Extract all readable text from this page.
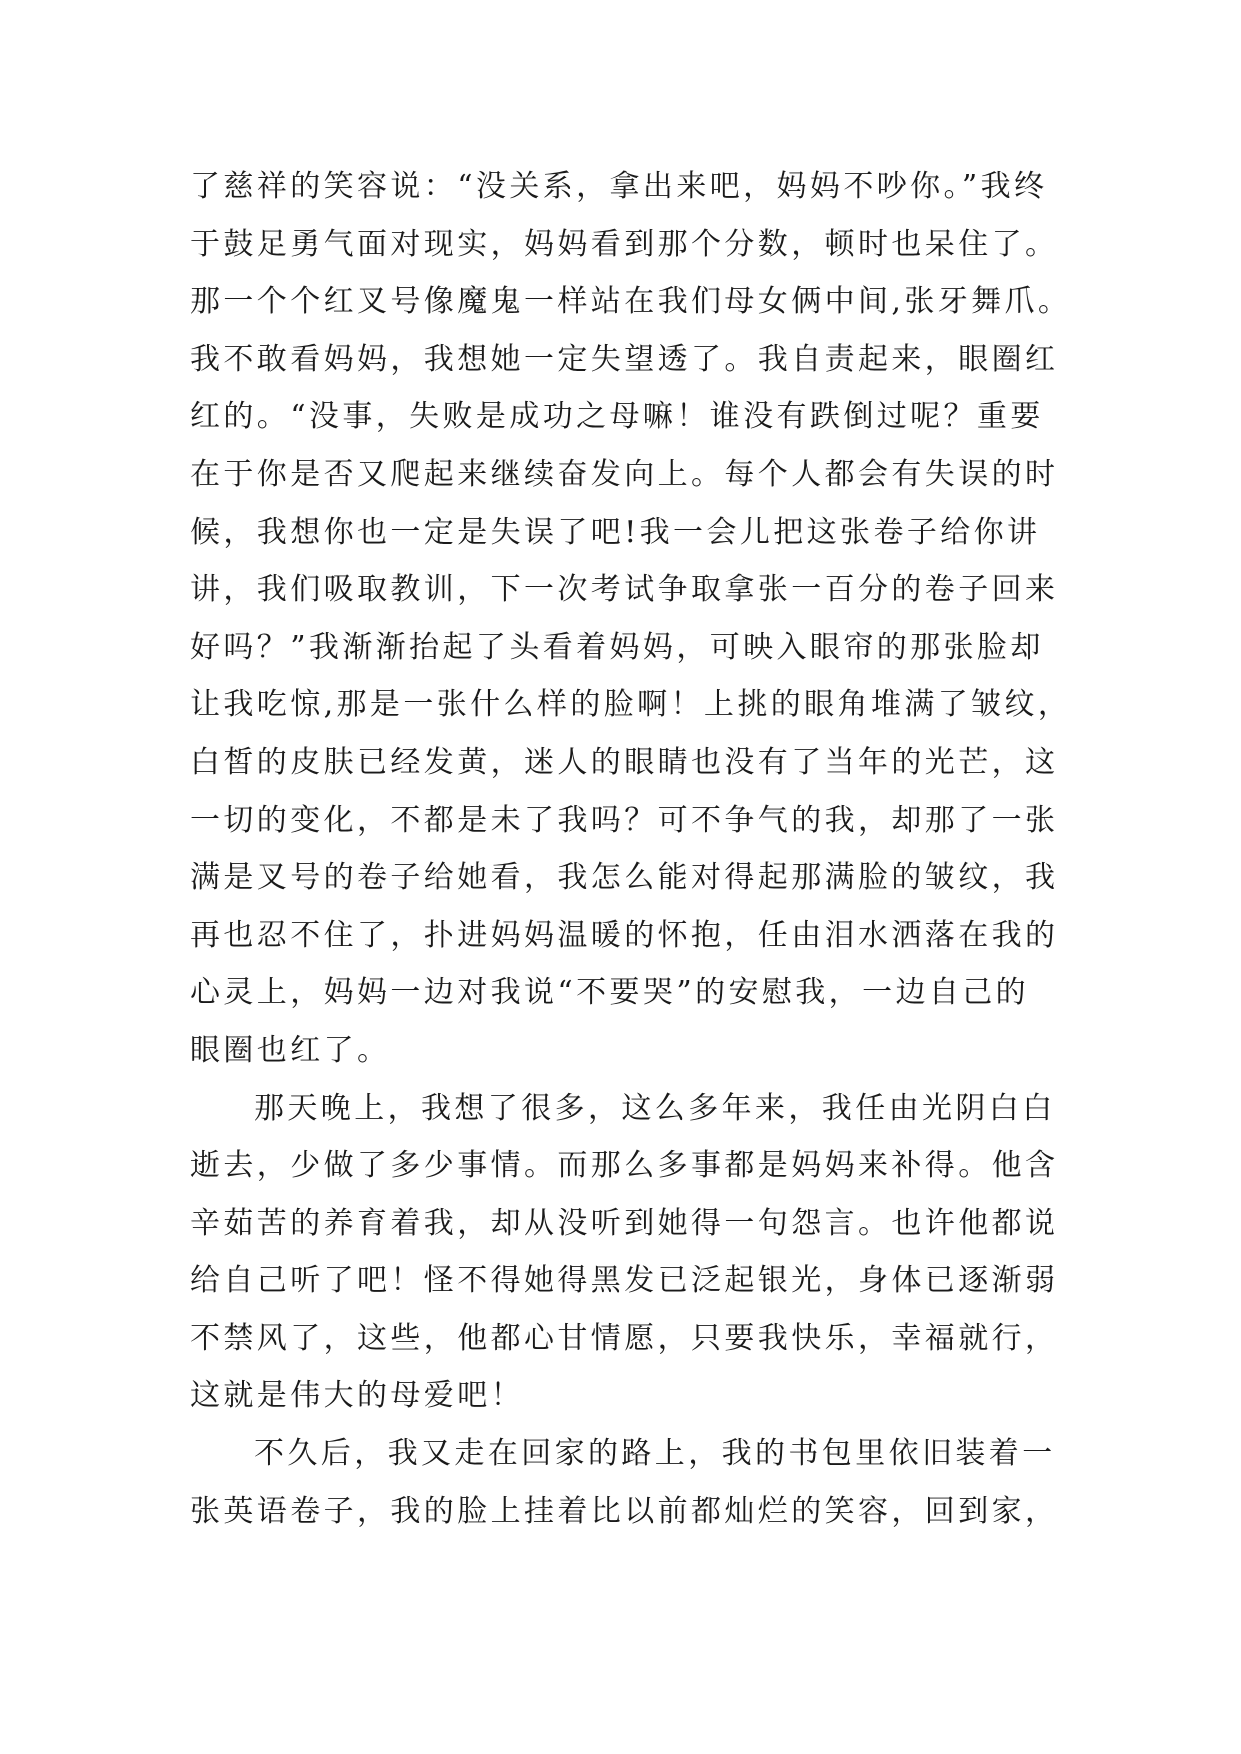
了慈祥的笑容说：“没关系，拿出来吧，妈妈不吵你。”我终
于鼓足勇气面对现实，妈妈看到那个分数，顿时也呆住了。
那一个个红叉号像魔鬼一样站在我们母女俩中间,张牙舞爪。
我不敢看妈妈，我想她一定失望透了。我自责起来，眼圈红
红的。“没事，失败是成功之母嘛！谁没有跌倒过呢？重要
在于你是否又爬起来继续奋发向上。每个人都会有失误的时
候，我想你也一定是失误了吧!我一会儿把这张卷子给你讲
讲，我们吸取教训，下一次考试争取拿张一百分的卷子回来
好吗？”我渐渐抬起了头看着妈妈，可映入眼帘的那张脸却
让我吃惊,那是一张什么样的脸啊！上挑的眼角堆满了皱纹，
白皙的皮肤已经发黄，迷人的眼睛也没有了当年的光芒，这
一切的变化，不都是未了我吗？可不争气的我，却那了一张
满是叉号的卷子给她看，我怎么能对得起那满脸的皱纹，我
再也忍不住了，扑进妈妈温暖的怀抱，任由泪水洒落在我的
心灵上，妈妈一边对我说“不要哭”的安慰我，一边自己的
眼圈也红了。
那天晚上，我想了很多，这么多年来，我任由光阴白白
逝去，少做了多少事情。而那么多事都是妈妈来补得。他含
辛茹苦的养育着我，却从没听到她得一句怨言。也许他都说
给自己听了吧！怪不得她得黑发已泛起银光，身体已逐渐弱
不禁风了，这些，他都心甘情愿，只要我快乐，幸福就行，
这就是伟大的母爱吧！
不久后，我又走在回家的路上，我的书包里依旧装着一
张英语卷子，我的脸上挂着比以前都灿烂的笑容，回到家，
